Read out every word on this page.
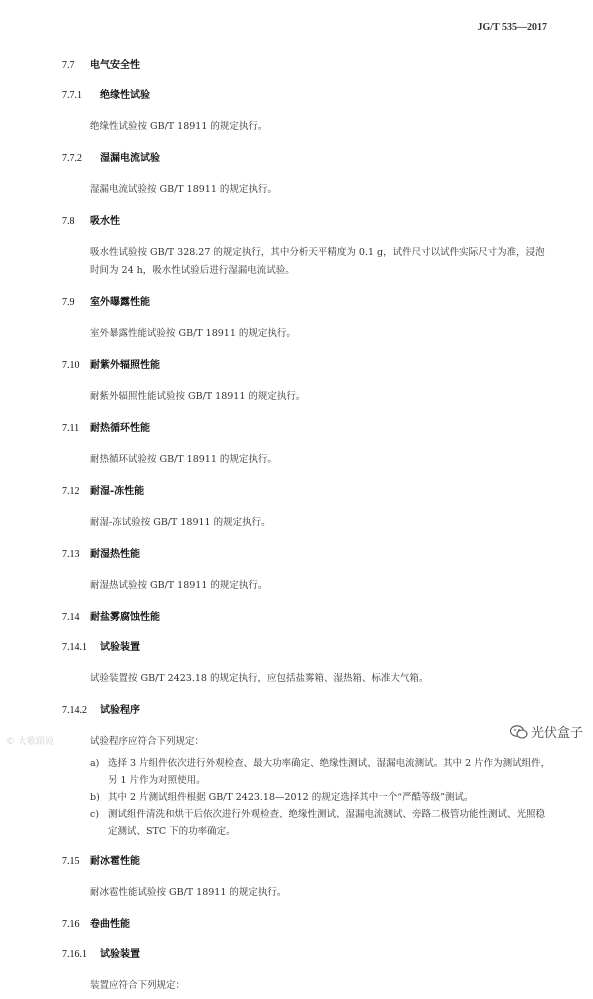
JG/T 535—2017
7.7 电气安全性
7.7.1 绝缘性试验
绝缘性试验按 GB/T 18911 的规定执行。
7.7.2 湿漏电流试验
湿漏电流试验按 GB/T 18911 的规定执行。
7.8 吸水性
吸水性试验按 GB/T 328.27 的规定执行，其中分析天平精度为 0.1 g，试件尺寸以试件实际尺寸为准，浸泡时间为 24 h，吸水性试验后进行湿漏电流试验。
7.9 室外曝露性能
室外暴露性能试验按 GB/T 18911 的规定执行。
7.10 耐紫外辐照性能
耐紫外辐照性能试验按 GB/T 18911 的规定执行。
7.11 耐热循环性能
耐热循环试验按 GB/T 18911 的规定执行。
7.12 耐湿-冻性能
耐湿-冻试验按 GB/T 18911 的规定执行。
7.13 耐湿热性能
耐湿热试验按 GB/T 18911 的规定执行。
7.14 耐盐雾腐蚀性能
7.14.1 试验装置
试验装置按 GB/T 2423.18 的规定执行，应包括盐雾箱、湿热箱、标准大气箱。
7.14.2 试验程序
试验程序应符合下列规定：
a) 选择 3 片组件依次进行外观检查、最大功率确定、绝缘性测试、湿漏电流测试。其中 2 片作为测试组件，另 1 片作为对照使用。
b) 其中 2 片测试组件根据 GB/T 2423.18—2012 的规定选择其中一个“严酷等级”测试。
c) 测试组件清洗和烘干后依次进行外观检查、绝缘性测试、湿漏电流测试、旁路二极管功能性测试、光照稳定测试、STC 下的功率确定。
7.15 耐冰雹性能
耐冰雹性能试验按 GB/T 18911 的规定执行。
7.16 卷曲性能
7.16.1 试验装置
装置应符合下列规定：
© 大歌蹈说
光伏盒子
